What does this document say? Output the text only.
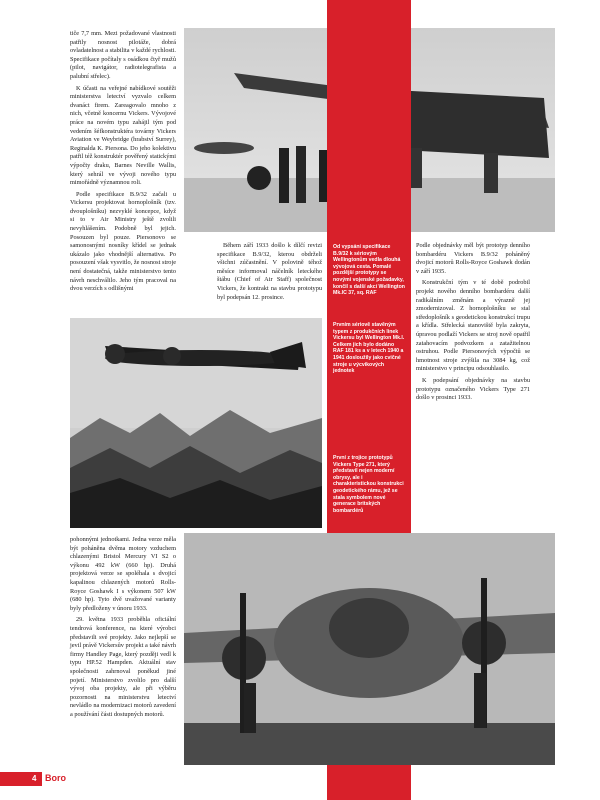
tiče 7,7 mm. Mezi požadované vlastnosti patřily nosnost pilotáže, dobrá ovladatelnost a stabilita v každé rychlosti. Specifikace počítaly s osádkou čtyř mužů (pilot, navigátor, radiotelegrafista a palubní střelec).

K účasti na veřejné nabídkové soutěži ministerstva letectví vyzvalo celkem dvanáct firem. Zareagovalo mnoho z nich, včetně koncernu Vickers. Vývojové práce na novém typu zahájil tým pod vedením šéfkonstruktéra továrny Vickers Aviation ve Weybridge (hrabství Surrey), Reginalda K. Piersona. Do jeho kolektivu patřil též konstruktér pověřený statickými výpočty draku, Barnes Neville Wallis, který sehrál ve vývoji nového typu mimořádně významnou roli.

Podle specifikace B.9/32 začali u Vickersu projektovat hornoplošník (tzv. dvouplošníku) nezvyklé koncepce, když si to v Air Ministry ještě zvolili nevyhlášením. Podobně byl jejich. Posouzen byl pouze. Piersonovo se samonosnými nosníky křídel se jednak ukázalo jako vhodnější alternativa. Po posouzení však vysvitlo, že nosnost stroje není dostatečná, takže ministerstvo tento návrh neschválilo. Jeho tým pracoval na dvou verzích s odlišnými

Během září 1933 došlo k dílčí revizi specifikace B.9/32, kterou obdrželi všichni zúčastnění. V polovině téhož měsíce informoval náčelník leteckého štábu (Chief of Air Staff) společnost Vickers, že kontrakt na stavbu prototypu byl podepsán 12. prosince.

Od vypsání specifikace B.9/32 k sériovým Wellingtonům vedla dlouhá vývojová cesta. Pomalé pozdější prototypy se novými vojenské požadavky, končil s další akcí Wellington Mk.IC 37, sq. RAF
Prvním sériově stavěným typem z produkčních linek Vickersu byl Wellington Mk.I. Celkem jich bylo dodáno RAF 181 ks a v letech 1940 a 1941 dosloužily jako cvičné stroje u výcvikových jednotek
První z trojice prototypů Vickers Type 271, který představil nejen moderní obrysy, ale i charakteristickou konstrukci geodetického rámu, jež se stala symbolem nové generace britských bombardérů

Podle objednávky měl být prototyp denního bombardéru Vickers B.9/32 poháněný dvojicí motorů Rolls-Royce Goshawk dodán v září 1935.

Konstrukční tým v té době podrobil projekt nového denního bombardéru další radikálním změnám a výrazně jej zmodernizoval. Z hornoplošníku se stal středoplošník s geodetickou konstrukcí trupu a křídla. Střelecká stanoviště byla zakryta, úpravou podlaží Vickers se stroj nově opatřil zatahovacím podvozkem a zatažitelnou ostruhou. Podle Piersonových výpočtů se hmotnost stroje zvýšila na 3084 kg, což ministerstvo v principu odsouhlasilo.

K podepsání objednávky na stavbu prototypu označeného Vickers Type 271 došlo v prosinci 1933.

pohonnými jednotkami. Jedna verze měla být poháněna dvěma motory vzduchem chlazenými Bristol Mercury VI S2 o výkonu 492 kW (660 hp). Druhá projektová verze se spoléhala s dvojicí kapalinou chlazených motorů Rolls-Royce Goshawk I s výkonem 507 kW (680 hp). Tyto dvě uvažované varianty byly předloženy v únoru 1933.

29. května 1933 proběhla oficiální tendrová konference, na které výrobci představili své projekty. Jako nejlepší se jevil právě Vickersův projekt a také návrh firmy Handley Page, který později vedl k typu HP.52 Hampden. Aktuální stav společnosti zahrnoval poněkud jiné pojetí. Ministerstvo zvolilo pro další vývoj oba projekty, ale při výběru pozornosti na ministerstvu letectví nevládlo na modernizaci motorů zavedení a používání části dostupných motorů.

4 Boro
